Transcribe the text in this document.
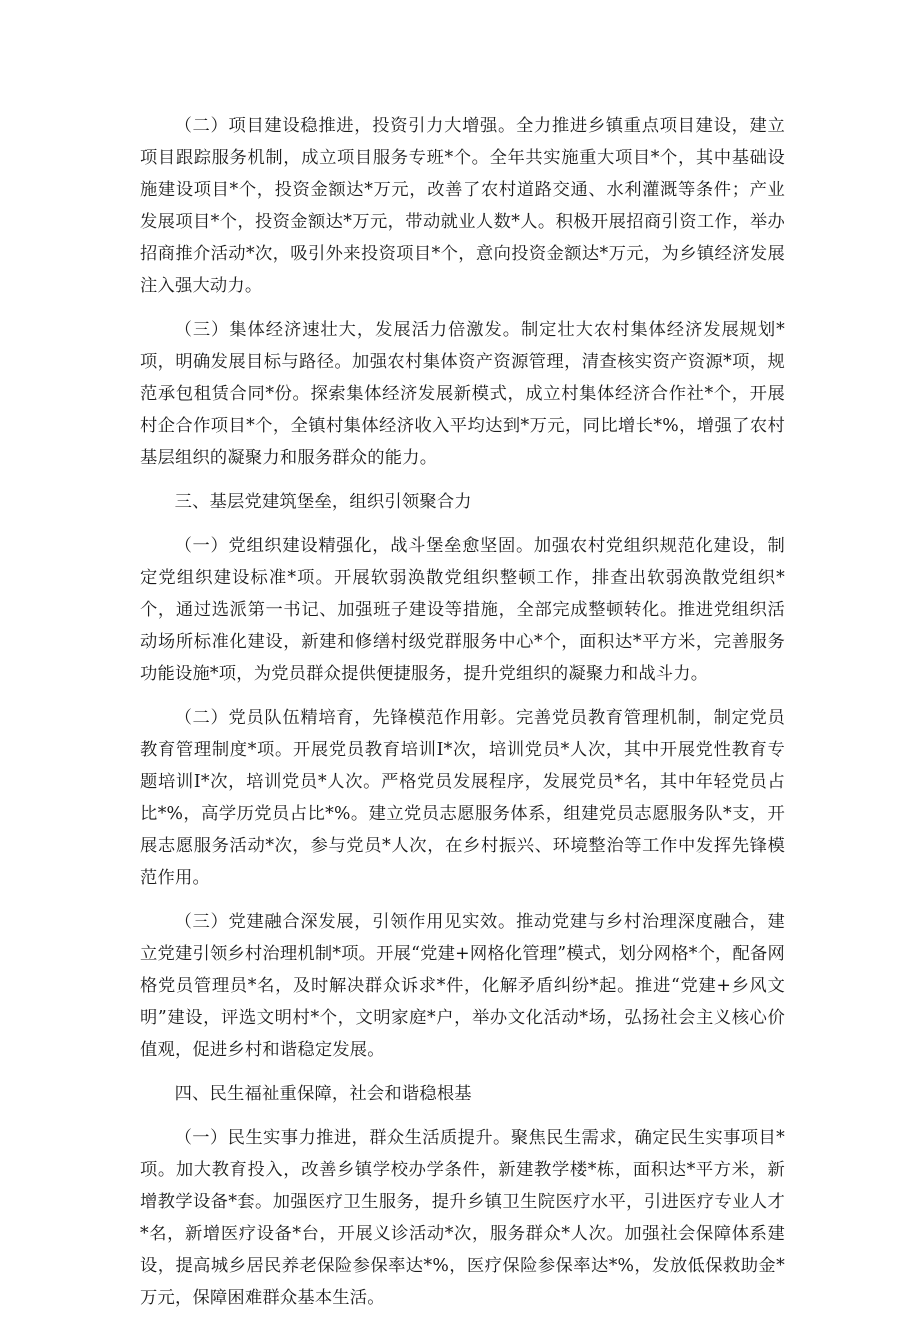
（二）项目建设稳推进，投资引力大增强。全力推进乡镇重点项目建设，建立项目跟踪服务机制，成立项目服务专班*个。全年共实施重大项目*个，其中基础设施建设项目*个，投资金额达*万元，改善了农村道路交通、水利灌溉等条件；产业发展项目*个，投资金额达*万元，带动就业人数*人。积极开展招商引资工作，举办招商推介活动*次，吸引外来投资项目*个，意向投资金额达*万元，为乡镇经济发展注入强大动力。

（三）集体经济速壮大，发展活力倍激发。制定壮大农村集体经济发展规划*项，明确发展目标与路径。加强农村集体资产资源管理，清查核实资产资源*项，规范承包租赁合同*份。探索集体经济发展新模式，成立村集体经济合作社*个，开展村企合作项目*个，全镇村集体经济收入平均达到*万元，同比增长*%，增强了农村基层组织的凝聚力和服务群众的能力。

三、基层党建筑堡垒，组织引领聚合力

（一）党组织建设精强化，战斗堡垒愈坚固。加强农村党组织规范化建设，制定党组织建设标准*项。开展软弱涣散党组织整顿工作，排查出软弱涣散党组织*个，通过选派第一书记、加强班子建设等措施，全部完成整顿转化。推进党组织活动场所标准化建设，新建和修缮村级党群服务中心*个，面积达*平方米，完善服务功能设施*项，为党员群众提供便捷服务，提升党组织的凝聚力和战斗力。

（二）党员队伍精培育，先锋模范作用彰。完善党员教育管理机制，制定党员教育管理制度*项。开展党员教育培训I*次，培训党员*人次，其中开展党性教育专题培训I*次，培训党员*人次。严格党员发展程序，发展党员*名，其中年轻党员占比*%，高学历党员占比*%。建立党员志愿服务体系，组建党员志愿服务队*支，开展志愿服务活动*次，参与党员*人次，在乡村振兴、环境整治等工作中发挥先锋模范作用。

（三）党建融合深发展，引领作用见实效。推动党建与乡村治理深度融合，建立党建引领乡村治理机制*项。开展“党建+网格化管理”模式，划分网格*个，配备网格党员管理员*名，及时解决群众诉求*件，化解矛盾纠纷*起。推进“党建+乡风文明”建设，评选文明村*个，文明家庭*户，举办文化活动*场，弘扬社会主义核心价值观，促进乡村和谐稳定发展。

四、民生福祉重保障，社会和谐稳根基

（一）民生实事力推进，群众生活质提升。聚焦民生需求，确定民生实事项目*项。加大教育投入，改善乡镇学校办学条件，新建教学楼*栋，面积达*平方米，新增教学设备*套。加强医疗卫生服务，提升乡镇卫生院医疗水平，引进医疗专业人才*名，新增医疗设备*台，开展义诊活动*次，服务群众*人次。加强社会保障体系建设，提高城乡居民养老保险参保率达*%，医疗保险参保率达*%，发放低保救助金*万元，保障困难群众基本生活。
